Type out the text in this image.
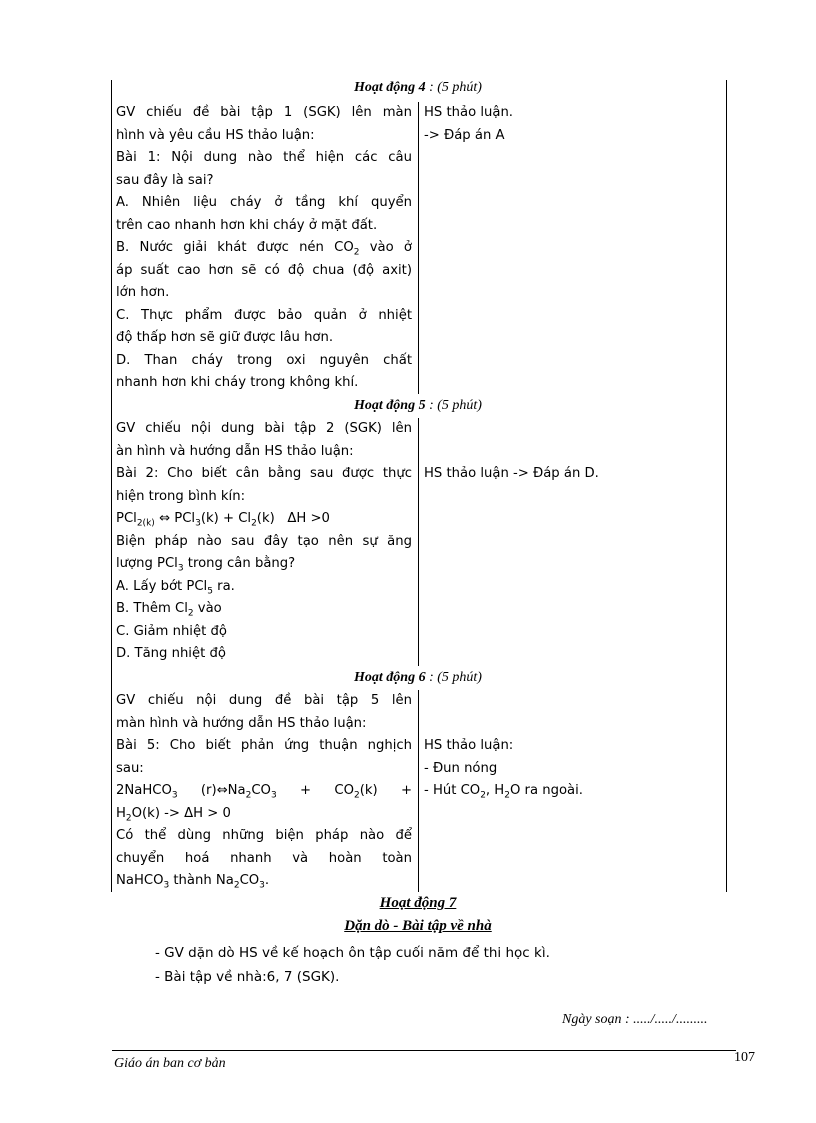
Hoạt động 4 : (5 phút)

GV chiếu đề bài tập 1 (SGK) lên màn

hình và yêu cầu HS thảo luận:

Bài 1: Nội dung nào thể hiện các câu

sau đây là sai?

A. Nhiên liệu cháy ở tầng khí quyển

trên cao nhanh hơn khi cháy ở mặt đất.

B. Nước giải khát được nén $CO_2$ vào ở

áp suất cao hơn sẽ có độ chua (độ axit)

lớn hơn.

C. Thực phẩm được bảo quản ở nhiệt

độ thấp hơn sẽ giữ được lâu hơn.

D. Than cháy trong oxi nguyên chất

nhanh hơn khi cháy trong không khí.

HS thảo luận.

-> Đáp án A

Hoạt động 5 : (5 phút)

GV chiếu nội dung bài tập 2 (SGK) lên

àn hình và hướng dẫn HS thảo luận:

Bài 2: Cho biết cân bằng sau được thực

hiện trong bình kín:

PCl$_{2(k)}$ ⇔ $PCl_3(k) + Cl_2(k)$ ΔH >0

Biện pháp nào sau đây tạo nên sự ăng

lượng PCl$_3$ trong cân bằng?

A. Lấy bớt PCl$_5$ ra.

B. Thêm $Cl_2$ vào

C. Giảm nhiệt độ

D. Tăng nhiệt độ

HS thảo luận -> Đáp án D.

Hoạt động 6 : (5 phút)

GV chiếu nội dung đề bài tập 5 lên

màn hình và hướng dẫn HS thảo luận:

Bài 5: Cho biết phản ứng thuận nghịch

sau:

2NaHCO$_3$ $(r)\Leftrightarrow Na_2CO_3 + CO_2(k)$ +

$H_2O(k) -> \Delta H > 0$

Có thể dùng những biện pháp nào để

chuyển hoá nhanh và hoàn toàn

NaHCO$_3$ thành $Na_2CO_3$.

HS thảo luận:

- Đun nóng

- Hút $CO_2$, $H_2O$ ra ngoài.

Hoạt động 7
Dặn dò - Bài tập về nhà
- GV dặn dò HS về kế hoạch ôn tập cuối năm để thi học kì.
- Bài tập về nhà:6, 7 (SGK).
Ngày soạn : ...../...../.........
Giáo án ban cơ bản	107
